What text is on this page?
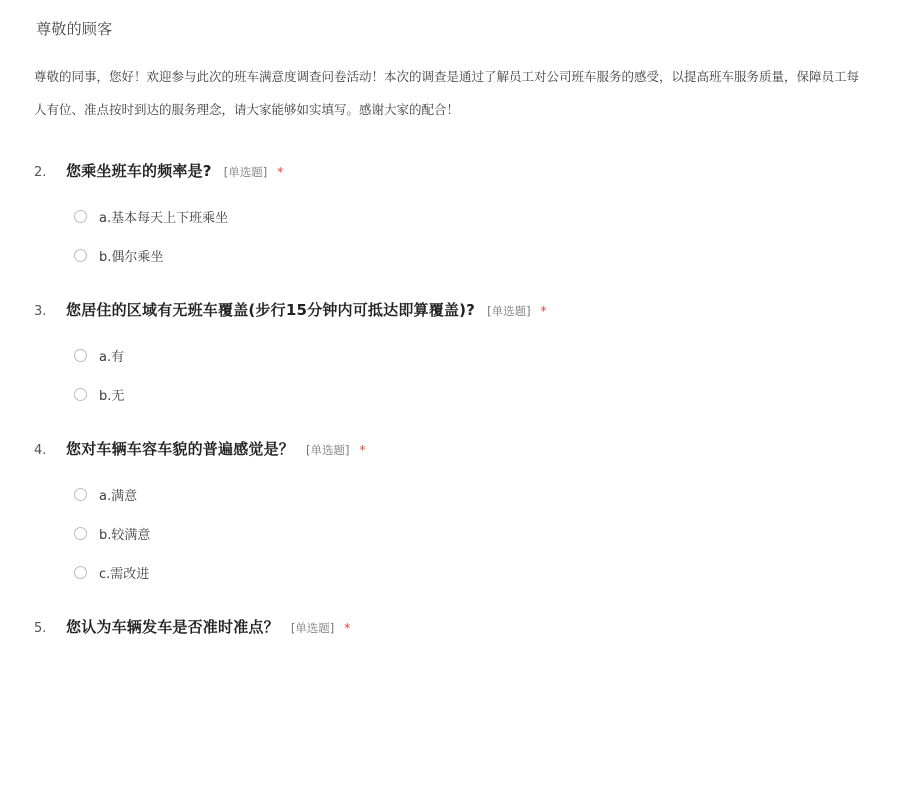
尊敬的顾客
尊敬的同事，您好！欢迎参与此次的班车满意度调查问卷活动！本次的调查是通过了解员工对公司班车服务的感受，以提高班车服务质量，保障员工每人有位、准点按时到达的服务理念，请大家能够如实填写。感谢大家的配合！
2.	您乘坐班车的频率是? [单选题] *
a.基本每天上下班乘坐
b.偶尔乘坐
3.	您居住的区域有无班车覆盖(步行15分钟内可抵达即算覆盖)? [单选题] *
a.有
b.无
4.	您对车辆车容车貌的普遍感觉是？ [单选题] *
a.满意
b.较满意
c.需改进
5.	您认为车辆发车是否准时准点？ [单选题] *
